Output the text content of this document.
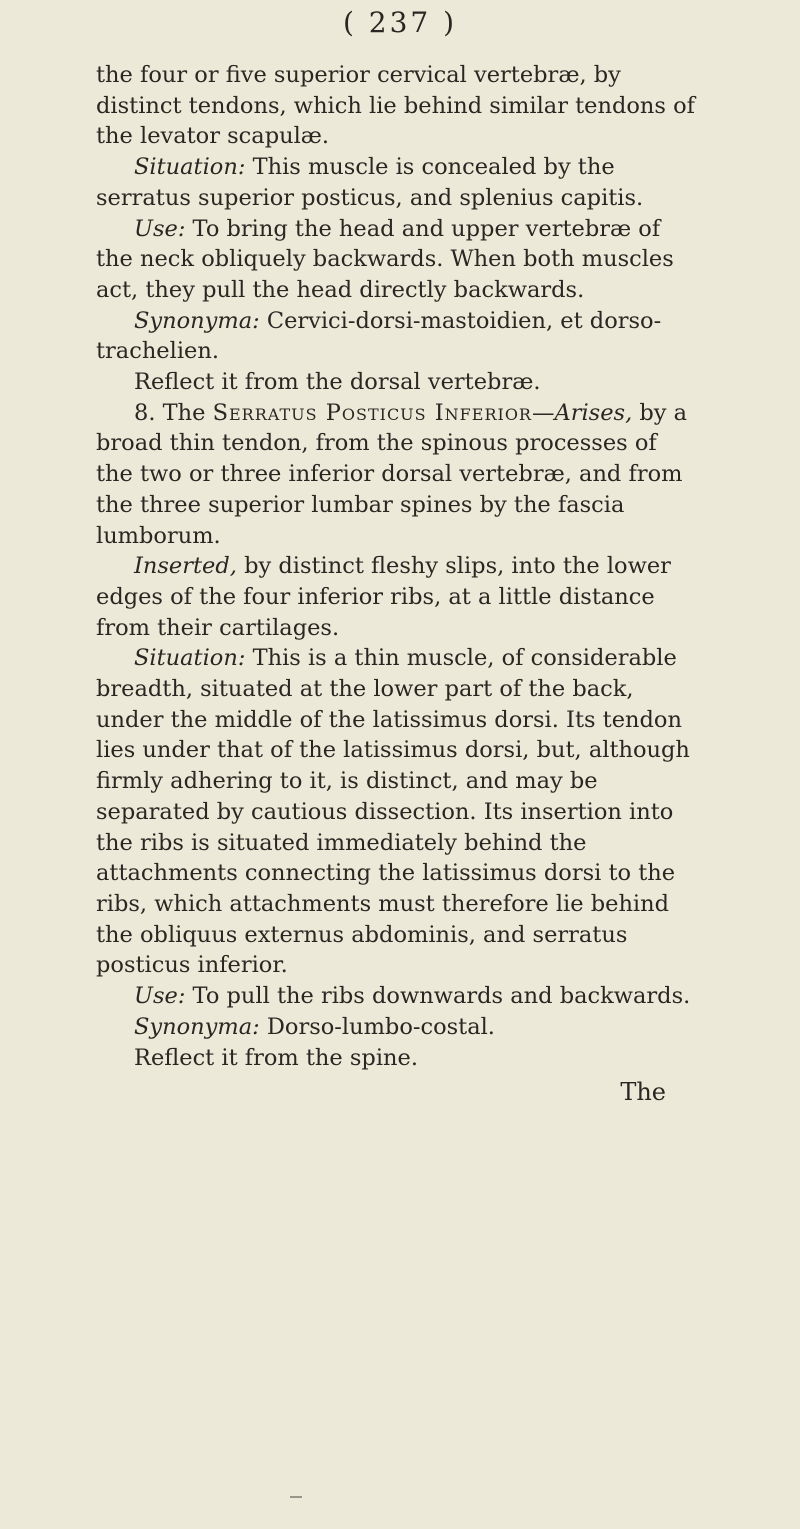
( 237 )

the four or five superior cervical vertebræ, by distinct tendons, which lie behind similar tendons of the levator scapulæ.

Situation: This muscle is concealed by the serratus superior posticus, and splenius capitis.

Use: To bring the head and upper vertebræ of the neck obliquely backwards. When both muscles act, they pull the head directly backwards.

Synonyma: Cervici-dorsi-mastoidien, et dorso-trachelien.

Reflect it from the dorsal vertebræ.

8. The Serratus Posticus Inferior—Arises, by a broad thin tendon, from the spinous processes of the two or three inferior dorsal vertebræ, and from the three superior lumbar spines by the fascia lumborum.

Inserted, by distinct fleshy slips, into the lower edges of the four inferior ribs, at a little distance from their cartilages.

Situation: This is a thin muscle, of considerable breadth, situated at the lower part of the back, under the middle of the latissimus dorsi. Its tendon lies under that of the latissimus dorsi, but, although firmly adhering to it, is distinct, and may be separated by cautious dissection. Its insertion into the ribs is situated immediately behind the attachments connecting the latissimus dorsi to the ribs, which attachments must therefore lie behind the obliquus externus abdominis, and serratus posticus inferior.

Use: To pull the ribs downwards and backwards.

Synonyma: Dorso-lumbo-costal.

Reflect it from the spine.

The
